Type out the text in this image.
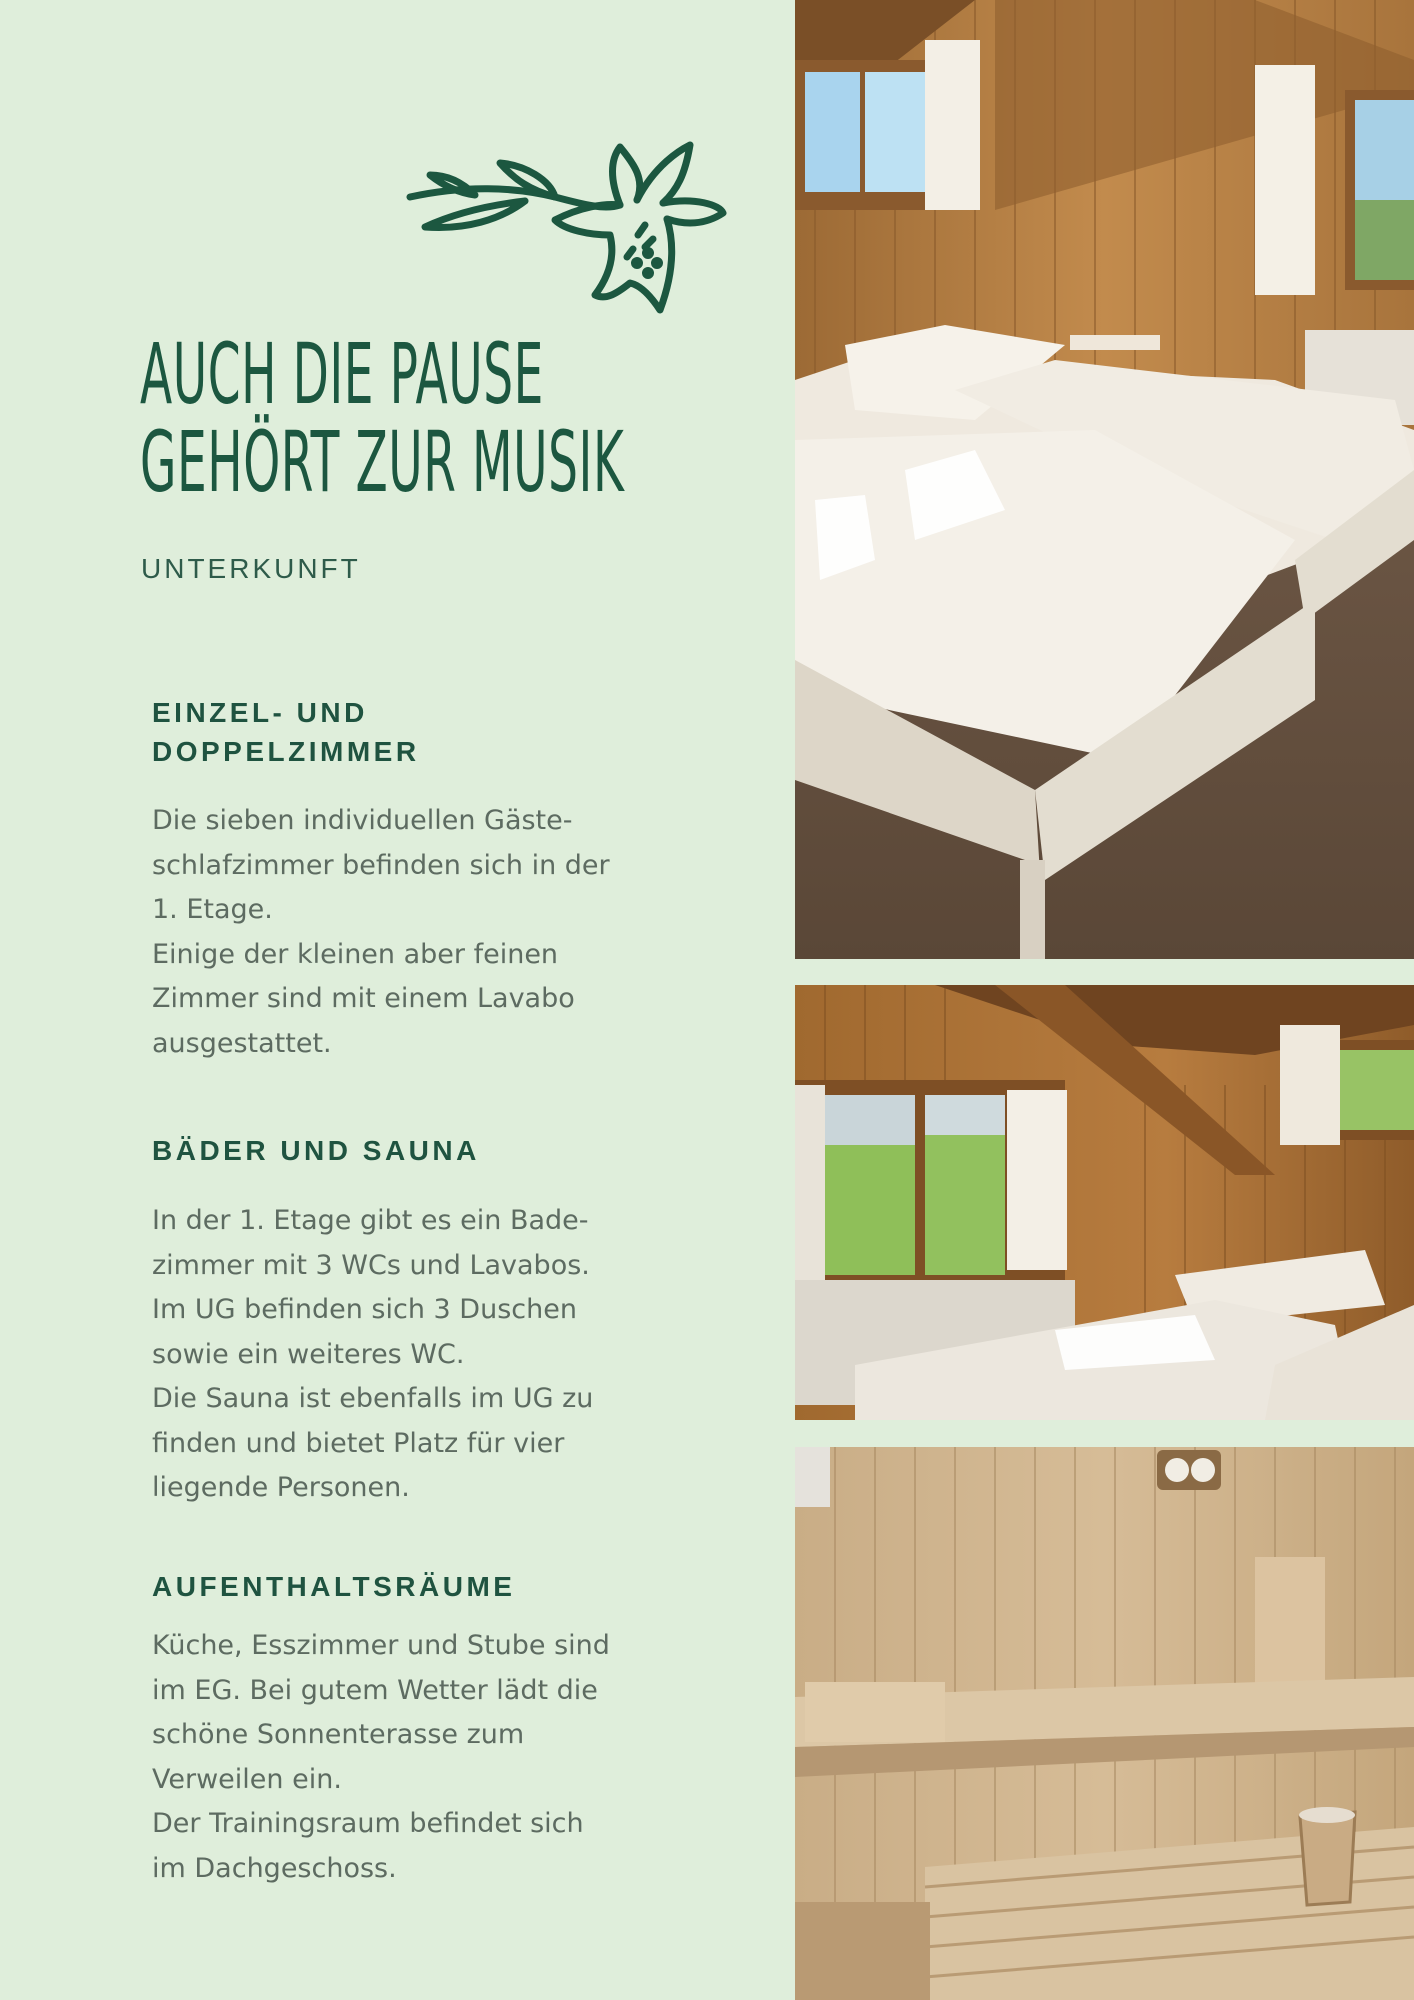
AUCH DIE PAUSE
GEHÖRT ZUR MUSIK
UNTERKUNFT
EINZEL- UND
DOPPELZIMMER
Die sieben individuellen Gäste-
schlafzimmer befinden sich in der
1. Etage.
Einige der kleinen aber feinen
Zimmer sind mit einem Lavabo
ausgestattet.
BÄDER UND SAUNA
In der 1. Etage gibt es ein Bade-
zimmer mit 3 WCs und Lavabos.
Im UG befinden sich 3 Duschen
sowie ein weiteres WC.
Die Sauna ist ebenfalls im UG zu
finden und bietet Platz für vier
liegende Personen.
AUFENTHALTSRÄUME
Küche, Esszimmer und Stube sind
im EG. Bei gutem Wetter lädt die
schöne Sonnenterasse zum
Verweilen ein.
Der Trainingsraum befindet sich
im Dachgeschoss.
